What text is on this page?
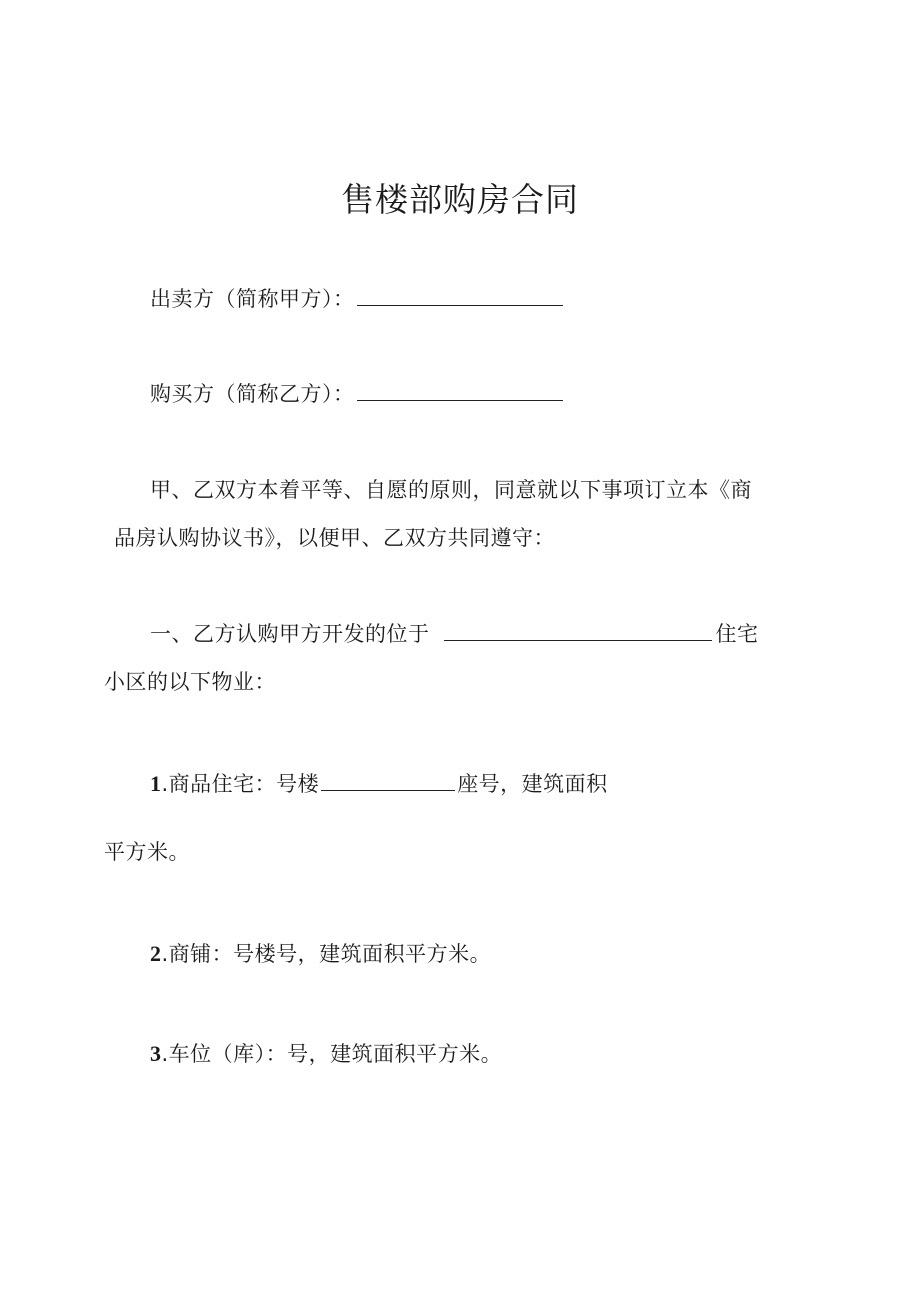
售楼部购房合同
出卖方（简称甲方）：
购买方（简称乙方）：
甲、乙双方本着平等、自愿的原则，同意就以下事项订立本《商
品房认购协议书》，以便甲、乙双方共同遵守：
一、乙方认购甲方开发的位于	住宅
小区的以下物业：
1.商品住宅：号楼	座号，建筑面积
平方米。
2.商铺：号楼号，建筑面积平方米。
3.车位（库）：号，建筑面积平方米。
